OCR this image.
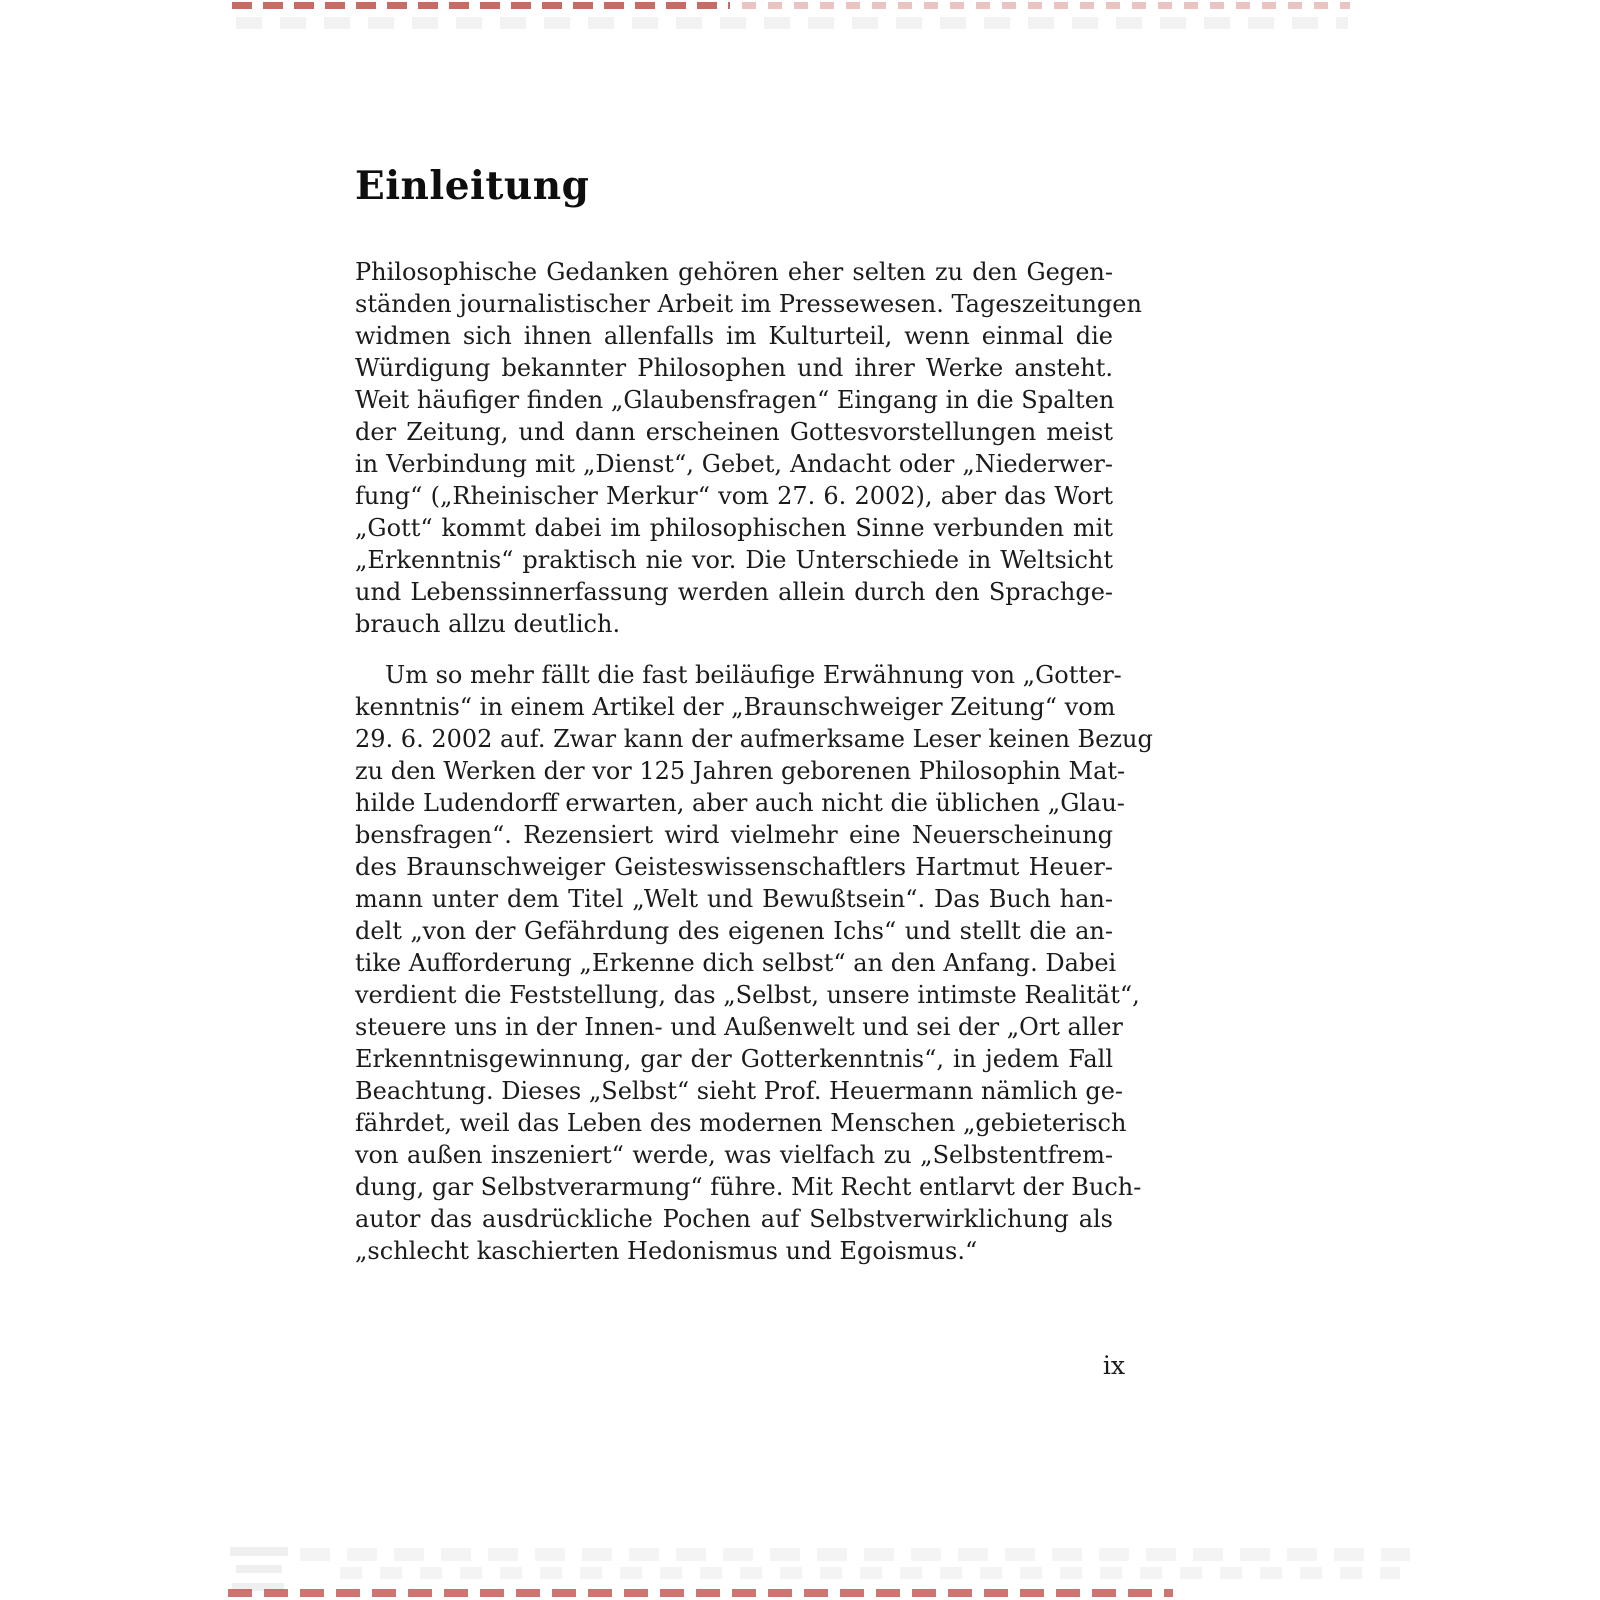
Einleitung
Philosophische Gedanken gehören eher selten zu den Gegen-
ständen journalistischer Arbeit im Pressewesen. Tageszeitungen
widmen sich ihnen allenfalls im Kulturteil, wenn einmal die
Würdigung bekannter Philosophen und ihrer Werke ansteht.
Weit häufiger finden „Glaubensfragen“ Eingang in die Spalten
der Zeitung, und dann erscheinen Gottesvorstellungen meist
in Verbindung mit „Dienst“, Gebet, Andacht oder „Niederwer-
fung“ („Rheinischer Merkur“ vom 27. 6. 2002), aber das Wort
„Gott“ kommt dabei im philosophischen Sinne verbunden mit
„Erkenntnis“ praktisch nie vor. Die Unterschiede in Weltsicht
und Lebenssinnerfassung werden allein durch den Sprachge-
brauch allzu deutlich.
Um so mehr fällt die fast beiläufige Erwähnung von „Gotter-
kenntnis“ in einem Artikel der „Braunschweiger Zeitung“ vom
29. 6. 2002 auf. Zwar kann der aufmerksame Leser keinen Bezug
zu den Werken der vor 125 Jahren geborenen Philosophin Mat-
hilde Ludendorff erwarten, aber auch nicht die üblichen „Glau-
bensfragen“. Rezensiert wird vielmehr eine Neuerscheinung
des Braunschweiger Geisteswissenschaftlers Hartmut Heuer-
mann unter dem Titel „Welt und Bewußtsein“. Das Buch han-
delt „von der Gefährdung des eigenen Ichs“ und stellt die an-
tike Aufforderung „Erkenne dich selbst“ an den Anfang. Dabei
verdient die Feststellung, das „Selbst, unsere intimste Realität“,
steuere uns in der Innen- und Außenwelt und sei der „Ort aller
Erkenntnisgewinnung, gar der Gotterkenntnis“, in jedem Fall
Beachtung. Dieses „Selbst“ sieht Prof. Heuermann nämlich ge-
fährdet, weil das Leben des modernen Menschen „gebieterisch
von außen inszeniert“ werde, was vielfach zu „Selbstentfrem-
dung, gar Selbstverarmung“ führe. Mit Recht entlarvt der Buch-
autor das ausdrückliche Pochen auf Selbstverwirklichung als
„schlecht kaschierten Hedonismus und Egoismus.“
ix
